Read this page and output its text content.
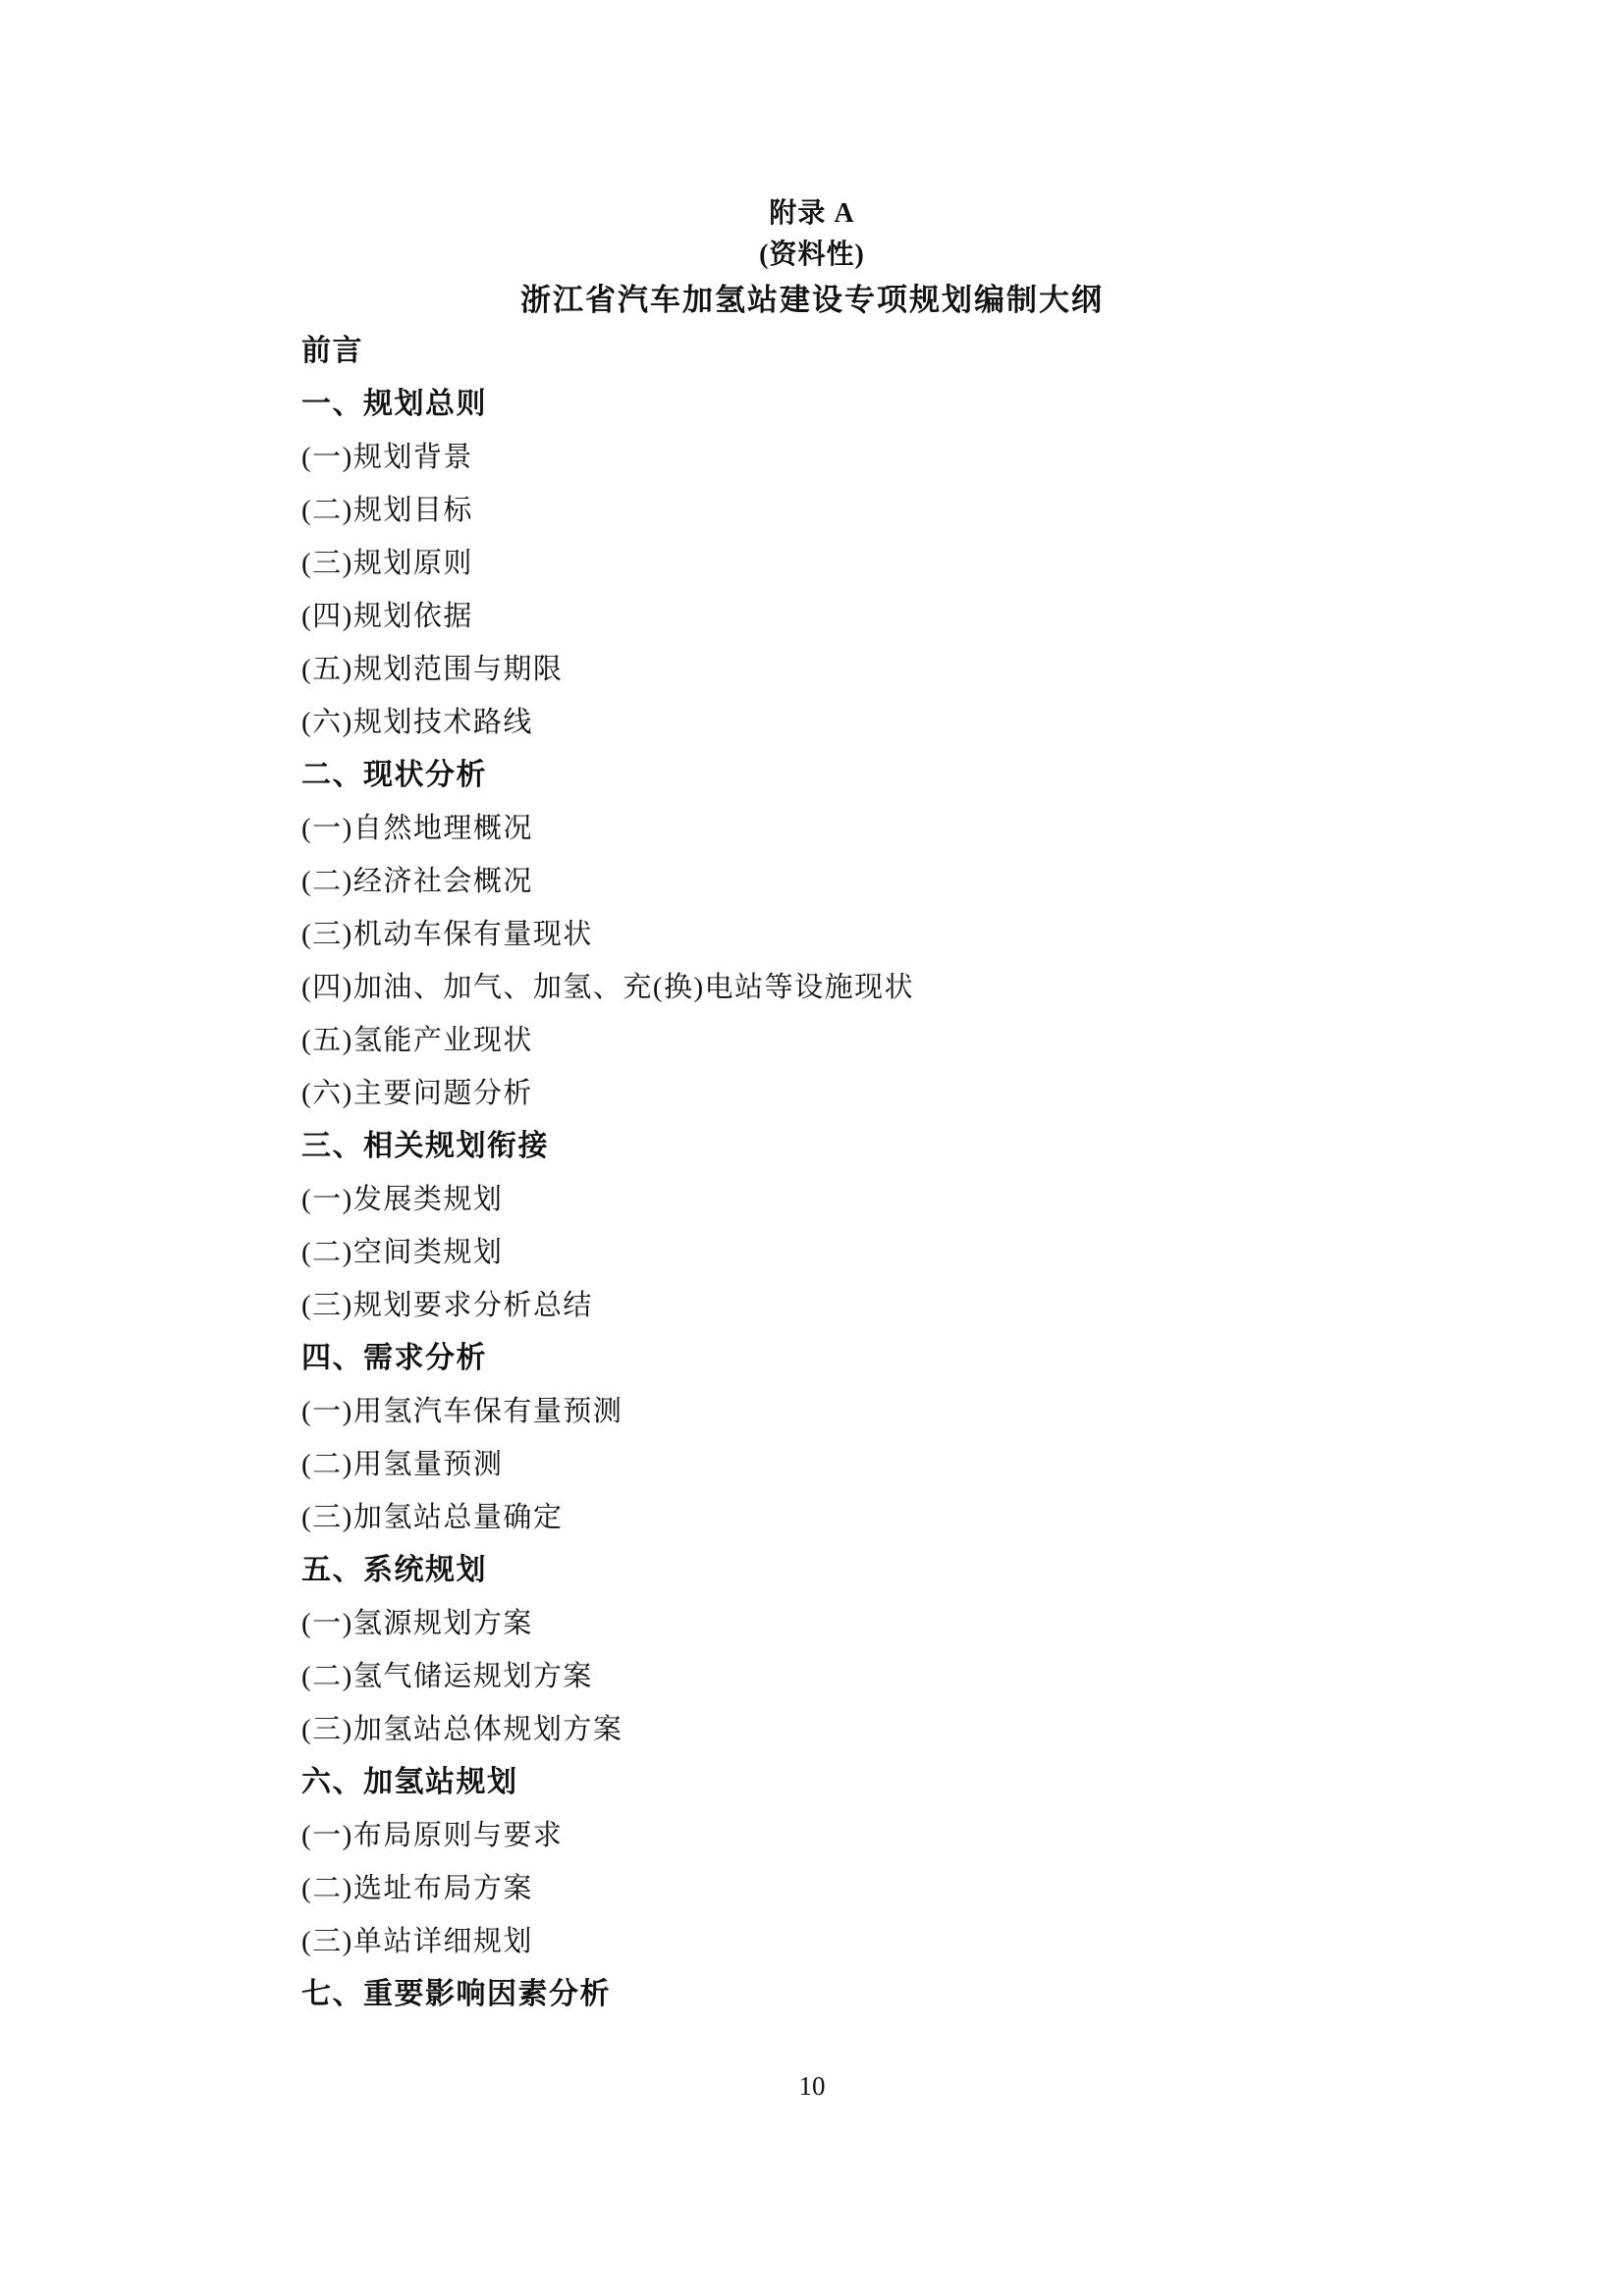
附录 A
(资料性)
浙江省汽车加氢站建设专项规划编制大纲
前言
一、规划总则
(一)规划背景
(二)规划目标
(三)规划原则
(四)规划依据
(五)规划范围与期限
(六)规划技术路线
二、现状分析
(一)自然地理概况
(二)经济社会概况
(三)机动车保有量现状
(四)加油、加气、加氢、充(换)电站等设施现状
(五)氢能产业现状
(六)主要问题分析
三、相关规划衔接
(一)发展类规划
(二)空间类规划
(三)规划要求分析总结
四、需求分析
(一)用氢汽车保有量预测
(二)用氢量预测
(三)加氢站总量确定
五、系统规划
(一)氢源规划方案
(二)氢气储运规划方案
(三)加氢站总体规划方案
六、加氢站规划
(一)布局原则与要求
(二)选址布局方案
(三)单站详细规划
七、重要影响因素分析
10
